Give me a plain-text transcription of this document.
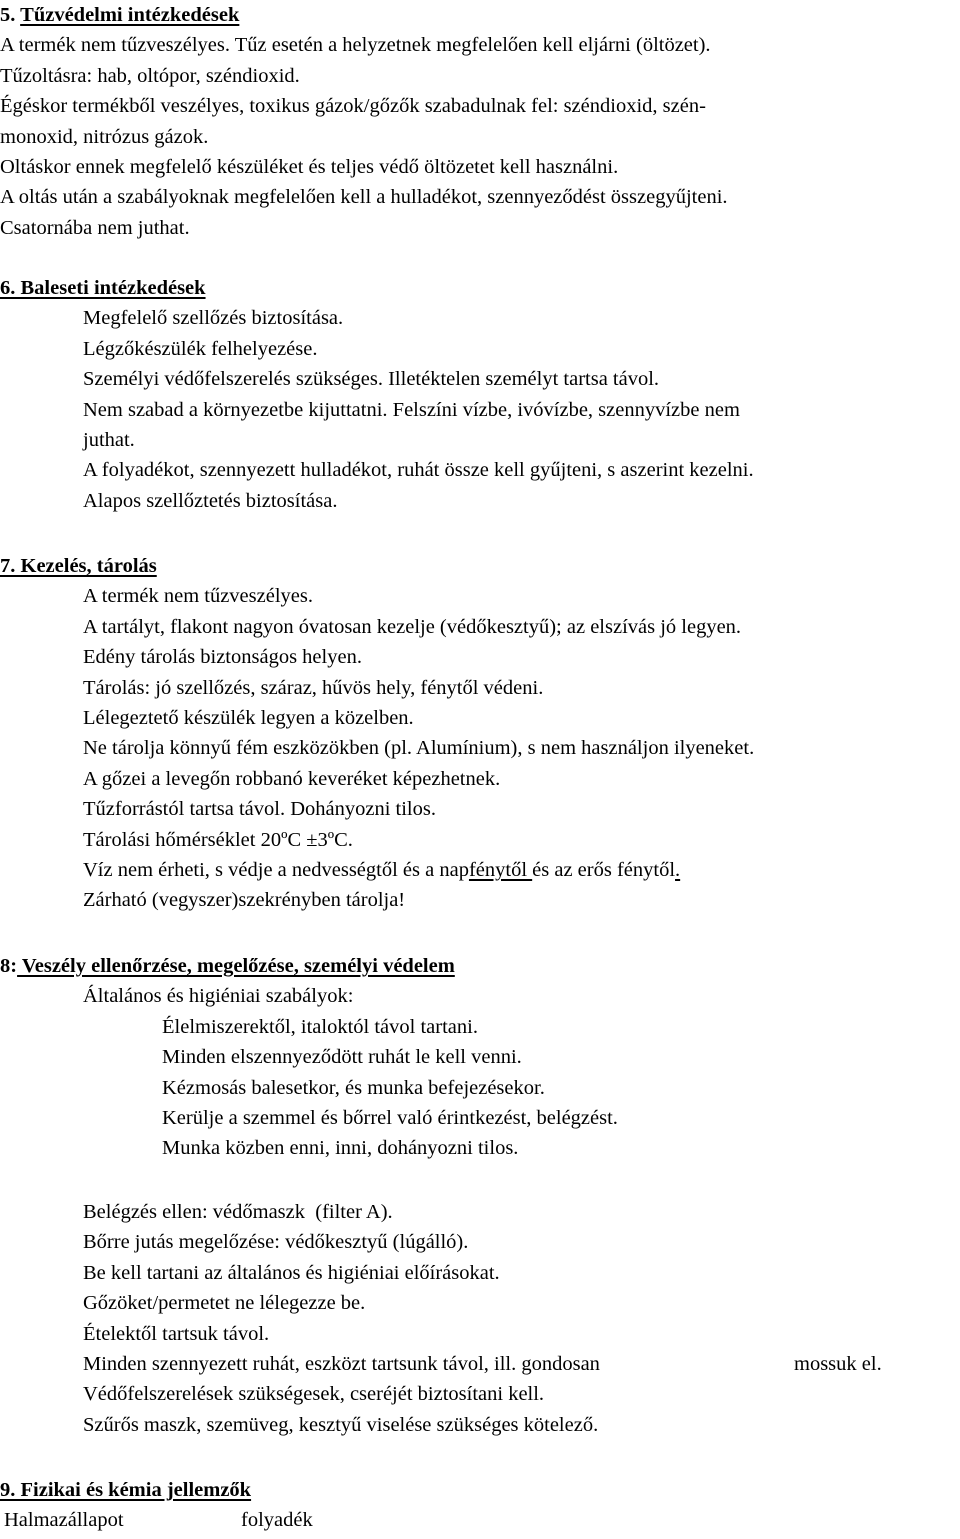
5. Tűzvédelmi intézkedések
A termék nem tűzveszélyes. Tűz esetén a helyzetnek megfelelően kell eljárni (öltözet).
Tűzoltásra: hab, oltópor, széndioxid.
Égéskor termékből veszélyes, toxikus gázok/gőzők szabadulnak fel: széndioxid, szén-
monoxid, nitrózus gázok.
Oltáskor ennek megfelelő készüléket és teljes védő öltözetet kell használni.
A oltás után a szabályoknak megfelelően kell a hulladékot, szennyeződést összegyűjteni.
Csatornába nem juthat.
6. Baleseti intézkedések
Megfelelő szellőzés biztosítása.
Légzőkészülék felhelyezése.
Személyi védőfelszerelés szükséges. Illetéktelen személyt tartsa távol.
Nem szabad a környezetbe kijuttatni. Felszíni vízbe, ivóvízbe, szennyvízbe nem
juthat.
A folyadékot, szennyezett hulladékot, ruhát össze kell gyűjteni, s aszerint kezelni.
Alapos szellőztetés biztosítása.
7. Kezelés, tárolás
A termék nem tűzveszélyes.
A tartályt, flakont nagyon óvatosan kezelje (védőkesztyű); az elszívás jó legyen.
Edény tárolás biztonságos helyen.
Tárolás: jó szellőzés, száraz, hűvös hely, fénytől védeni.
Lélegeztető készülék legyen a közelben.
Ne tárolja könnyű fém eszközökben (pl. Alumínium), s nem használjon ilyeneket.
A gőzei a levegőn robbanó keveréket képezhetnek.
Tűzforrástól tartsa távol. Dohányozni tilos.
Tárolási hőmérséklet 20ºC ±3ºC.
Víz nem érheti, s védje a nedvességtől és a napfénytől és az erős fénytől.
Zárható (vegyszer)szekrényben tárolja!
8: Veszély ellenőrzése, megelőzése, személyi védelem
Általános és higiéniai szabályok:
Élelmiszerektől, italoktól távol tartani.
Minden elszennyeződött ruhát le kell venni.
Kézmosás balesetkor, és munka befejezésekor.
Kerülje a szemmel és bőrrel való érintkezést, belégzést.
Munka közben enni, inni, dohányozni tilos.
Belégzés ellen: védőmaszk  (filter A).
Bőrre jutás megelőzése: védőkesztyű (lúgálló).
Be kell tartani az általános és higiéniai előírásokat.
Gőzöket/permetet ne lélegezze be.
Ételektől tartsuk távol.
Minden szennyezett ruhát, eszközt tartsunk távol, ill. gondosan	mossuk el.
Védőfelszerelések szükségesek, cseréjét biztosítani kell.
Szűrős maszk, szemüveg, kesztyű viselése szükséges kötelező.
9. Fizikai és kémia jellemzők
Halmazállapot	folyadék
